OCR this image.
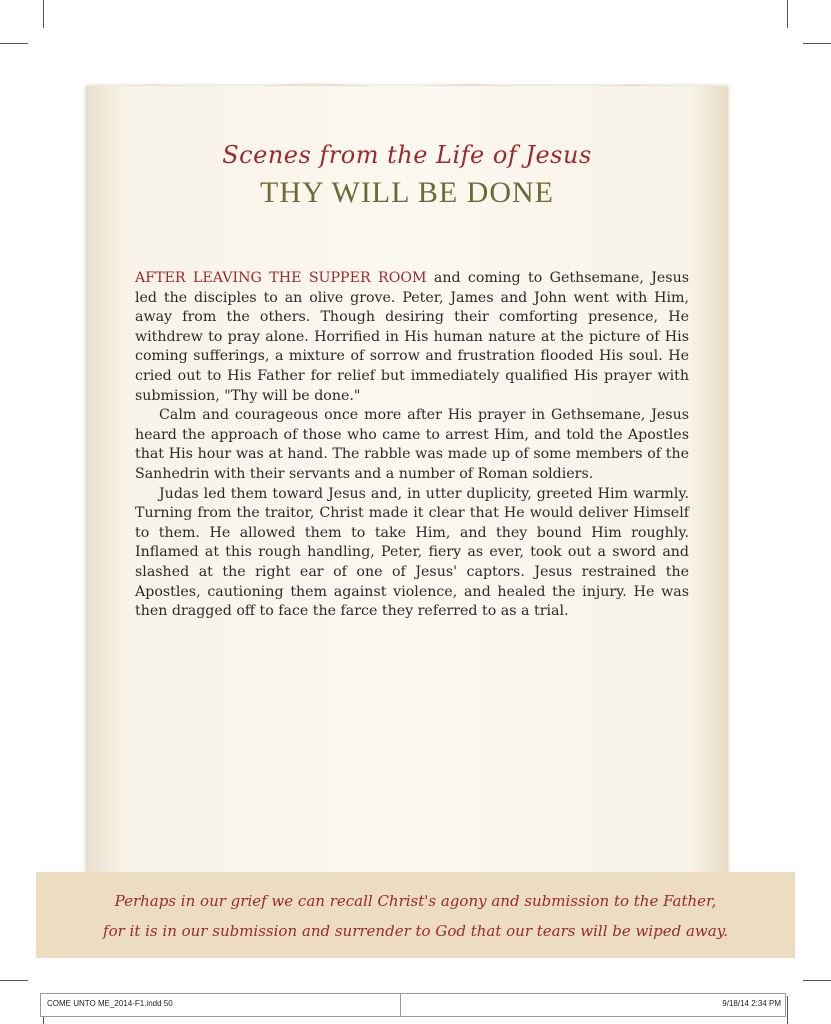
Scenes from the Life of Jesus
THY WILL BE DONE

AFTER LEAVING THE SUPPER ROOM and coming to Gethsemane, Jesus led the disciples to an olive grove. Peter, James and John went with Him, away from the others. Though desiring their comforting presence, He withdrew to pray alone. Horrified in His human nature at the picture of His coming sufferings, a mixture of sorrow and frustration flooded His soul. He cried out to His Father for relief but immediately qualified His prayer with submission, "Thy will be done."

Calm and courageous once more after His prayer in Gethsemane, Jesus heard the approach of those who came to arrest Him, and told the Apostles that His hour was at hand. The rabble was made up of some members of the Sanhedrin with their servants and a number of Roman soldiers.

Judas led them toward Jesus and, in utter duplicity, greeted Him warmly. Turning from the traitor, Christ made it clear that He would deliver Himself to them. He allowed them to take Him, and they bound Him roughly. Inflamed at this rough handling, Peter, fiery as ever, took out a sword and slashed at the right ear of one of Jesus' captors. Jesus restrained the Apostles, cautioning them against violence, and healed the injury. He was then dragged off to face the farce they referred to as a trial.

Perhaps in our grief we can recall Christ's agony and submission to the Father,
for it is in our submission and surrender to God that our tears will be wiped away.
COME UNTO ME_2014-F1.indd 50	9/18/14 2:34 PM
